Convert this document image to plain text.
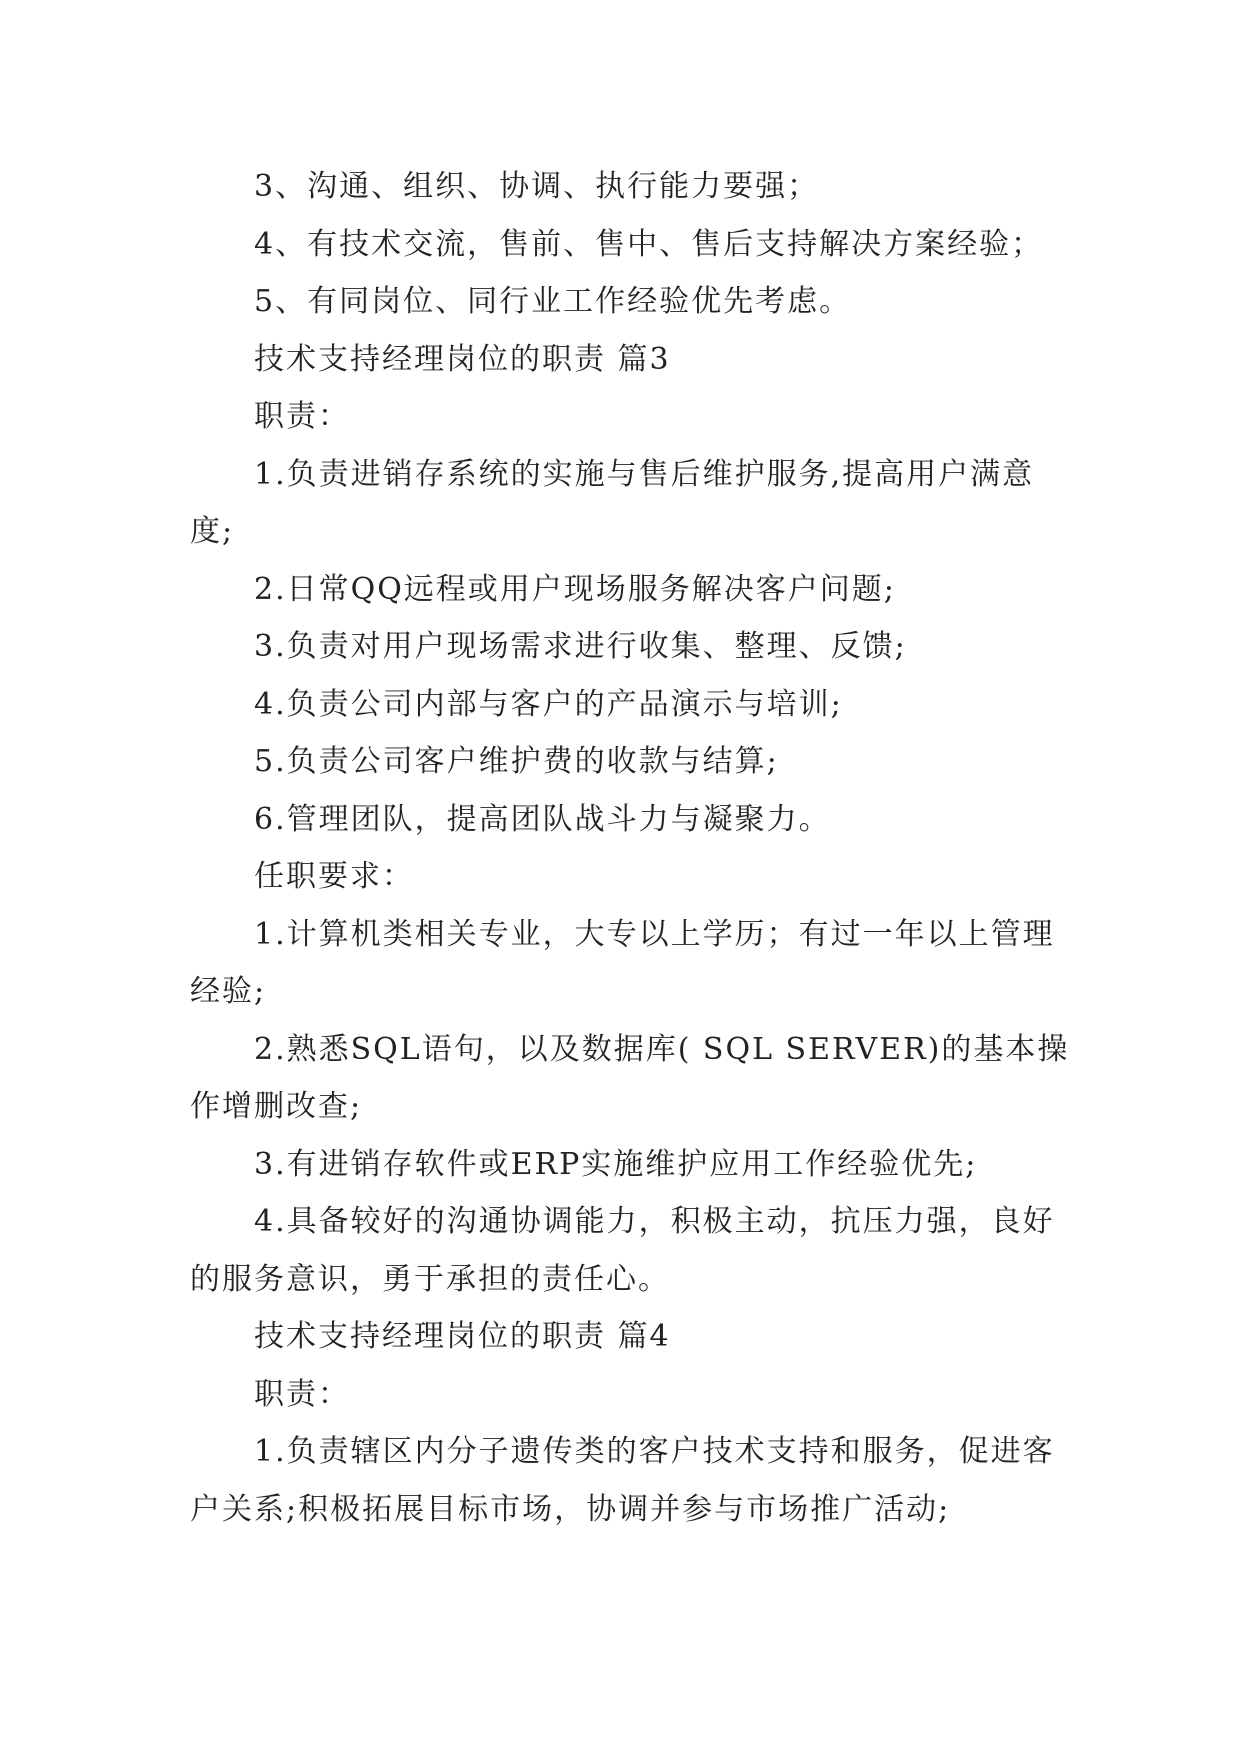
3、沟通、组织、协调、执行能力要强；

4、有技术交流，售前、售中、售后支持解决方案经验；

5、有同岗位、同行业工作经验优先考虑。

技术支持经理岗位的职责 篇3

职责：

1.负责进销存系统的实施与售后维护服务,提高用户满意度;

2.日常QQ远程或用户现场服务解决客户问题;

3.负责对用户现场需求进行收集、整理、反馈;

4.负责公司内部与客户的产品演示与培训;

5.负责公司客户维护费的收款与结算;

6.管理团队，提高团队战斗力与凝聚力。

任职要求：

1.计算机类相关专业，大专以上学历；有过一年以上管理经验;

2.熟悉SQL语句，以及数据库( SQL SERVER)的基本操作增删改查;

3.有进销存软件或ERP实施维护应用工作经验优先;

4.具备较好的沟通协调能力，积极主动，抗压力强，良好的服务意识，勇于承担的责任心。

技术支持经理岗位的职责 篇4

职责：

1.负责辖区内分子遗传类的客户技术支持和服务，促进客户关系;积极拓展目标市场，协调并参与市场推广活动;
